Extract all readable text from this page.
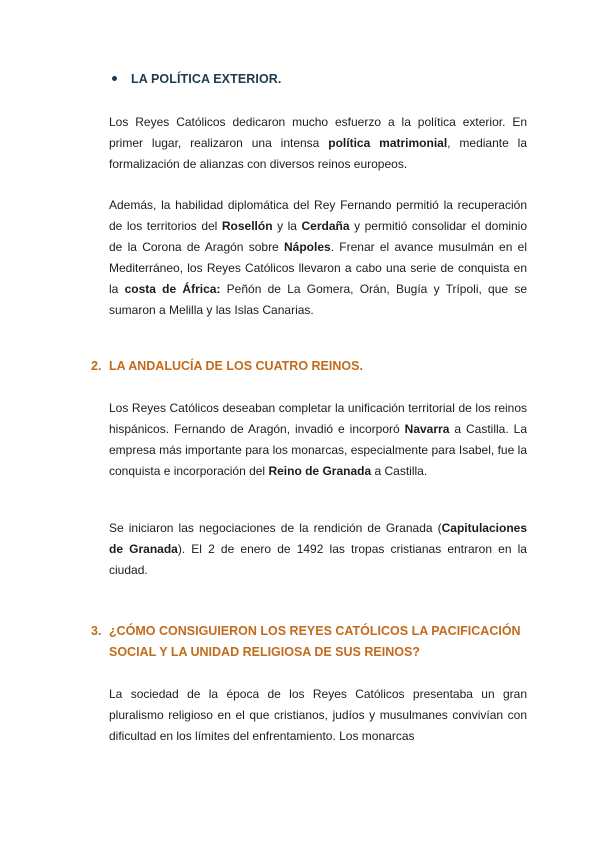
LA POLÍTICA EXTERIOR.

Los Reyes Católicos dedicaron mucho esfuerzo a la política exterior. En primer lugar, realizaron una intensa política matrimonial, mediante la formalización de alianzas con diversos reinos europeos.

Además, la habilidad diplomática del Rey Fernando permitió la recuperación de los territorios del Rosellón y la Cerdaña y permitió consolidar el dominio de la Corona de Aragón sobre Nápoles. Frenar el avance musulmán en el Mediterráneo, los Reyes Católicos llevaron a cabo una serie de conquista en la costa de África: Peñón de La Gomera, Orán, Bugía y Trípoli, que se sumaron a Melilla y las Islas Canarias.

2. LA ANDALUCÍA DE LOS CUATRO REINOS.

Los Reyes Católicos deseaban completar la unificación territorial de los reinos hispánicos. Fernando de Aragón, invadió e incorporó Navarra a Castilla. La empresa más importante para los monarcas, especialmente para Isabel, fue la conquista e incorporación del Reino de Granada a Castilla.

Se iniciaron las negociaciones de la rendición de Granada (Capitulaciones de Granada). El 2 de enero de 1492 las tropas cristianas entraron en la ciudad.

3. ¿CÓMO CONSIGUIERON LOS REYES CATÓLICOS LA PACIFICACIÓN SOCIAL Y LA UNIDAD RELIGIOSA DE SUS REINOS?

La sociedad de la época de los Reyes Católicos presentaba un gran pluralismo religioso en el que cristianos, judíos y musulmanes convivían con dificultad en los límites del enfrentamiento. Los monarcas
